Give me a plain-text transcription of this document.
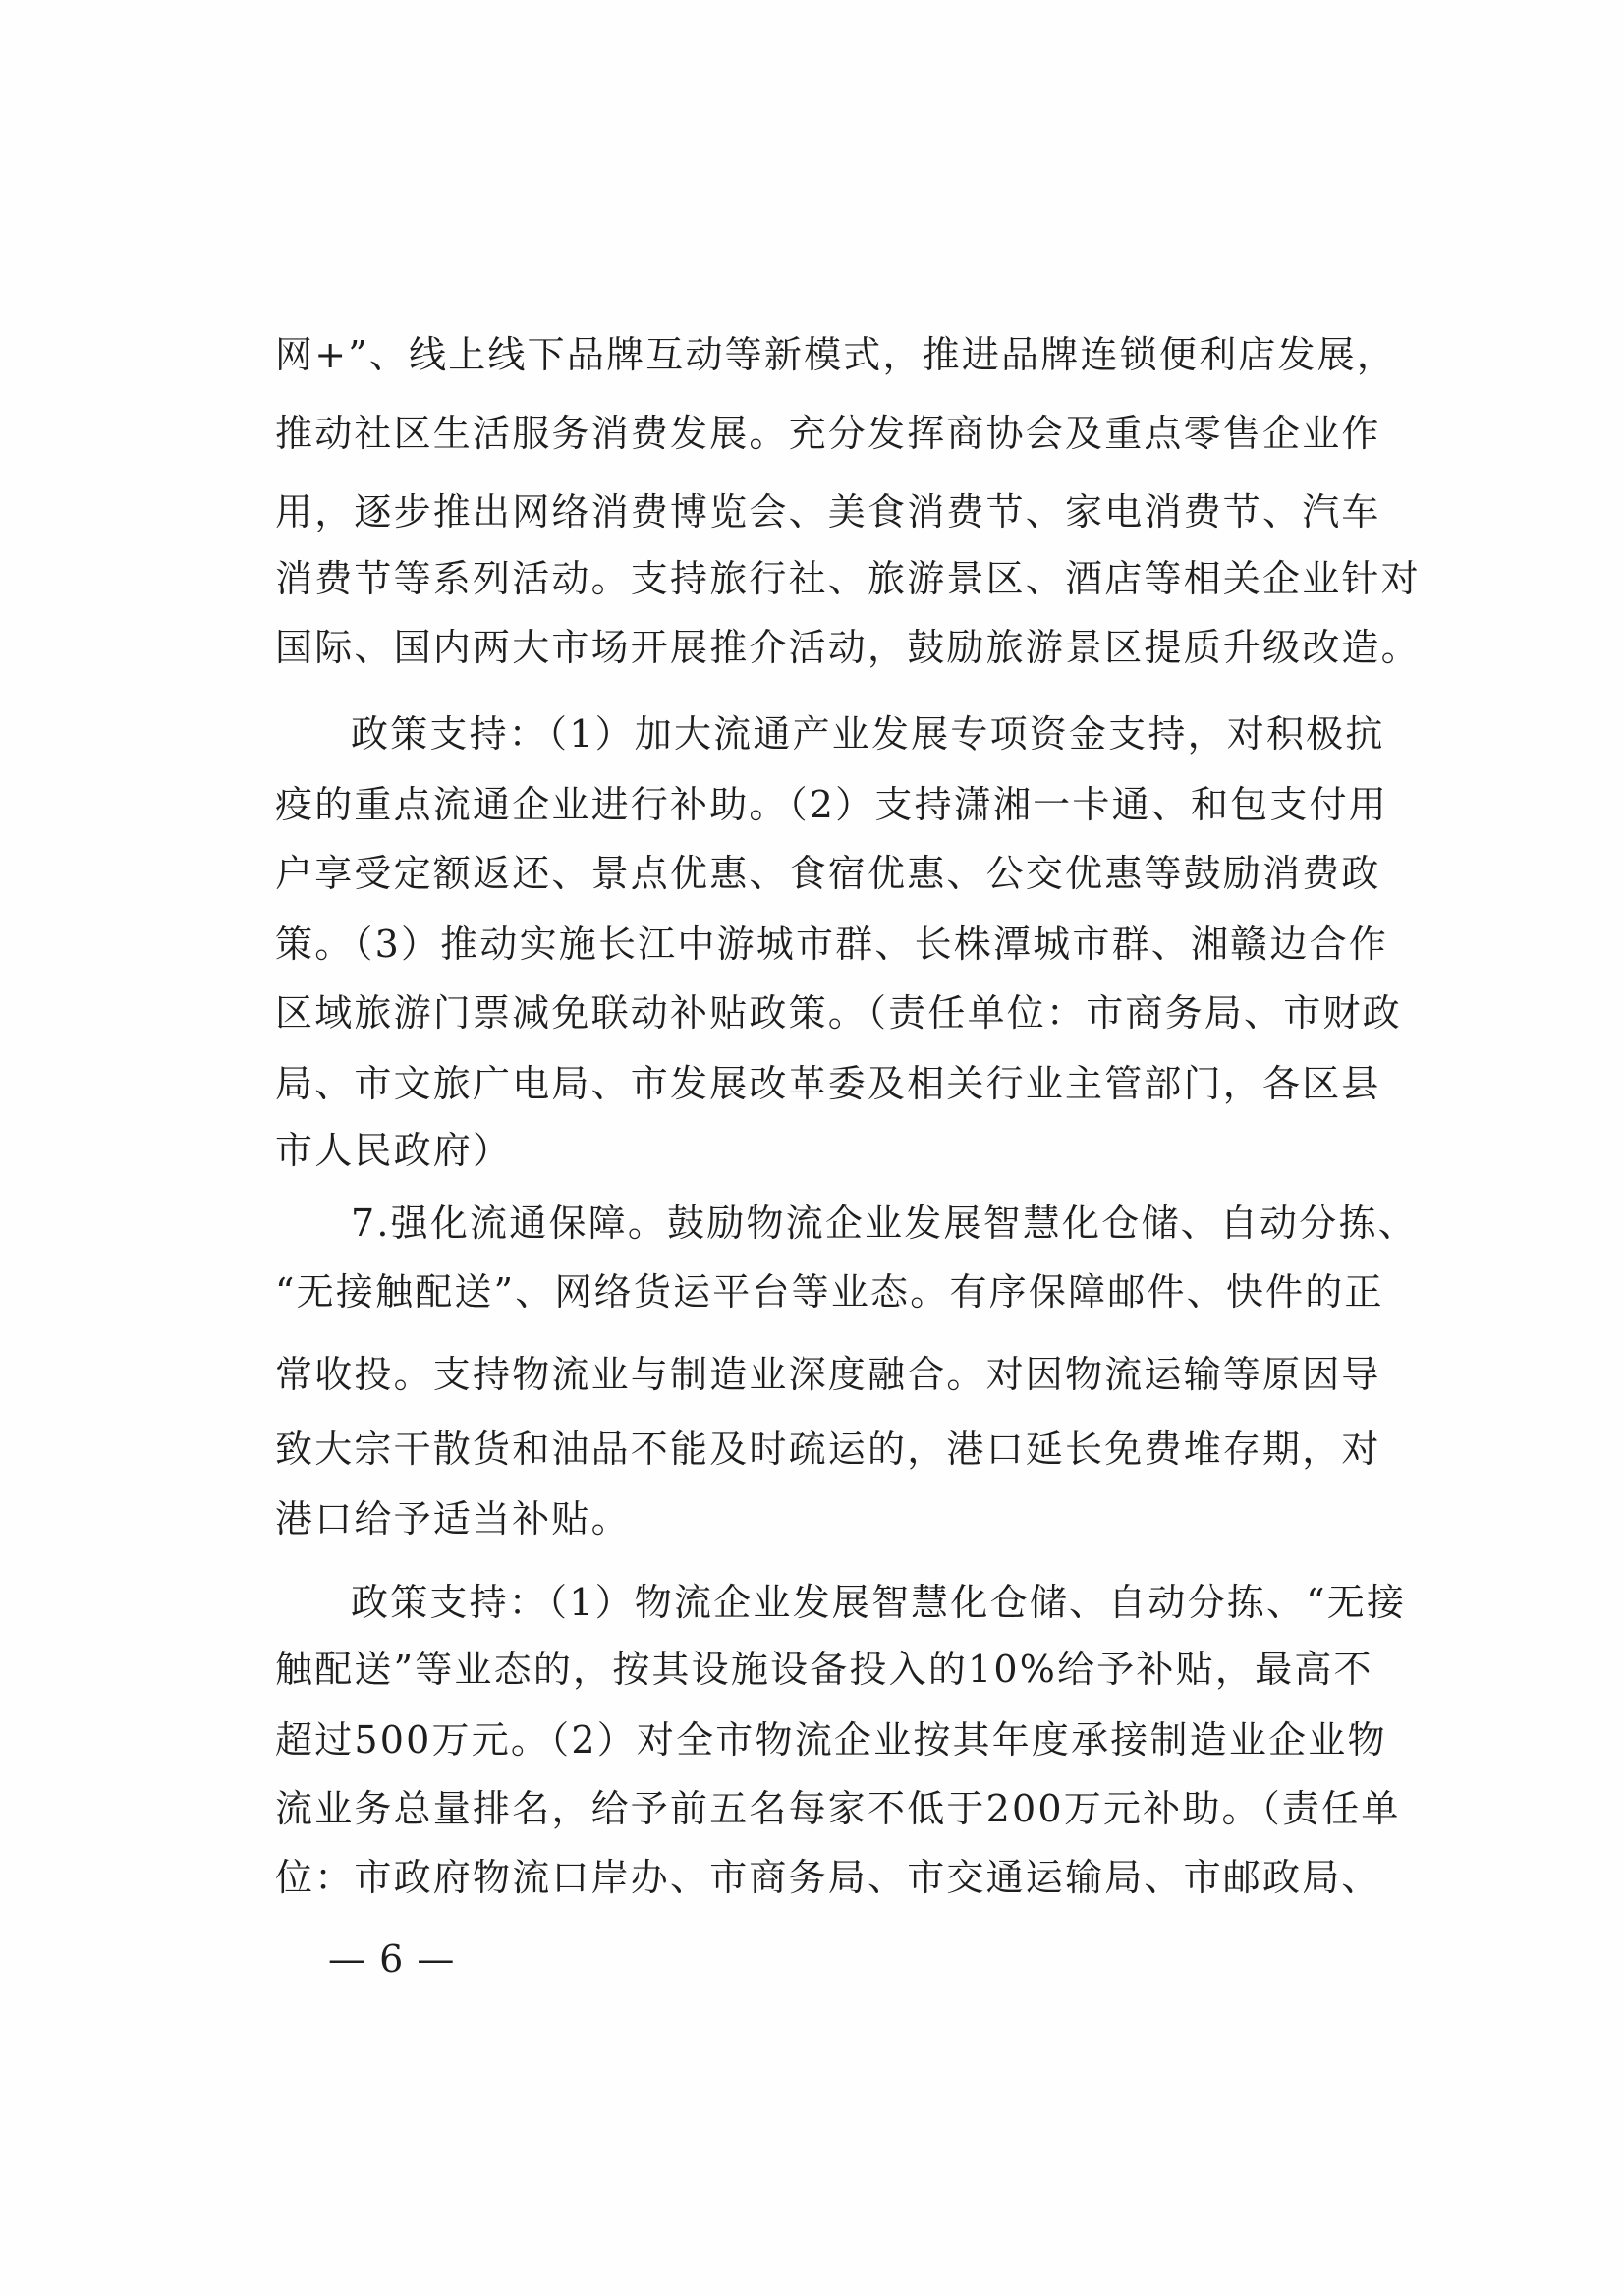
网+”、线上线下品牌互动等新模式，推进品牌连锁便利店发展，
推动社区生活服务消费发展。充分发挥商协会及重点零售企业作
用，逐步推出网络消费博览会、美食消费节、家电消费节、汽车
消费节等系列活动。支持旅行社、旅游景区、酒店等相关企业针对
国际、国内两大市场开展推介活动，鼓励旅游景区提质升级改造。
政策支持：（1）加大流通产业发展专项资金支持，对积极抗
疫的重点流通企业进行补助。（2）支持潇湘一卡通、和包支付用
户享受定额返还、景点优惠、食宿优惠、公交优惠等鼓励消费政
策。（3）推动实施长江中游城市群、长株潭城市群、湘赣边合作
区域旅游门票减免联动补贴政策。（责任单位：市商务局、市财政
局、市文旅广电局、市发展改革委及相关行业主管部门，各区县
市人民政府）
7.强化流通保障。鼓励物流企业发展智慧化仓储、自动分拣、
“无接触配送”、网络货运平台等业态。有序保障邮件、快件的正
常收投。支持物流业与制造业深度融合。对因物流运输等原因导
致大宗干散货和油品不能及时疏运的，港口延长免费堆存期，对
港口给予适当补贴。
政策支持：（1）物流企业发展智慧化仓储、自动分拣、“无接
触配送”等业态的，按其设施设备投入的10%给予补贴，最高不
超过500万元。（2）对全市物流企业按其年度承接制造业企业物
流业务总量排名，给予前五名每家不低于200万元补助。（责任单
位：市政府物流口岸办、市商务局、市交通运输局、市邮政局、
— 6 —
